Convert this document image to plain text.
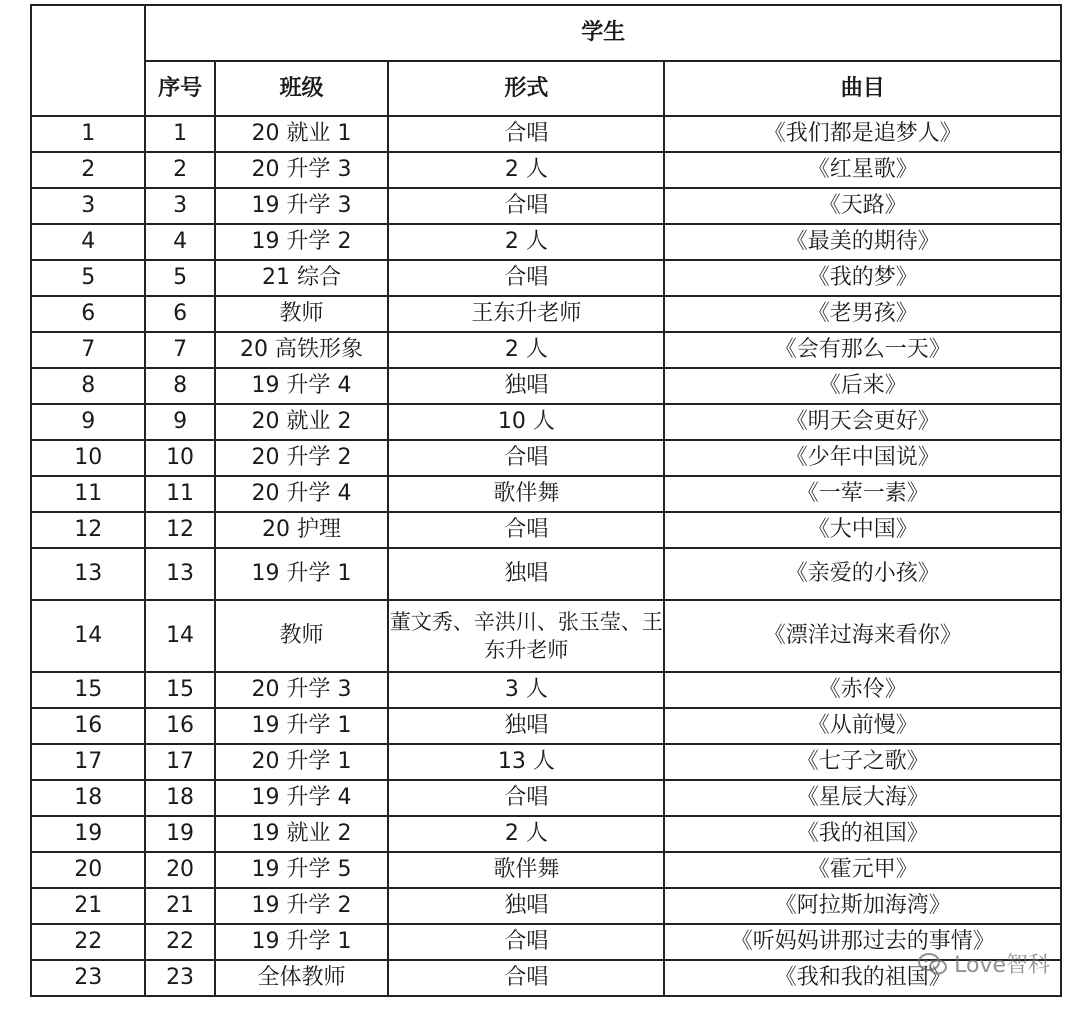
	学生			
	序号	班级	形式	曲目
1	1	20 就业 1	合唱	《我们都是追梦人》
2	2	20 升学 3	2 人	《红星歌》
3	3	19 升学 3	合唱	《天路》
4	4	19 升学 2	2 人	《最美的期待》
5	5	21 综合	合唱	《我的梦》
6	6	教师	王东升老师	《老男孩》
7	7	20 高铁形象	2 人	《会有那么一天》
8	8	19 升学 4	独唱	《后来》
9	9	20 就业 2	10 人	《明天会更好》
10	10	20 升学 2	合唱	《少年中国说》
11	11	20 升学 4	歌伴舞	《一荤一素》
12	12	20 护理	合唱	《大中国》
13	13	19 升学 1	独唱	《亲爱的小孩》
14	14	教师	董文秀、辛洪川、张玉莹、王东升老师	《漂洋过海来看你》
15	15	20 升学 3	3 人	《赤伶》
16	16	19 升学 1	独唱	《从前慢》
17	17	20 升学 1	13 人	《七子之歌》
18	18	19 升学 4	合唱	《星辰大海》
19	19	19 就业 2	2 人	《我的祖国》
20	20	19 升学 5	歌伴舞	《霍元甲》
21	21	19 升学 2	独唱	《阿拉斯加海湾》
22	22	19 升学 1	合唱	《听妈妈讲那过去的事情》
23	23	全体教师	合唱	《我和我的祖国》 Love智科
